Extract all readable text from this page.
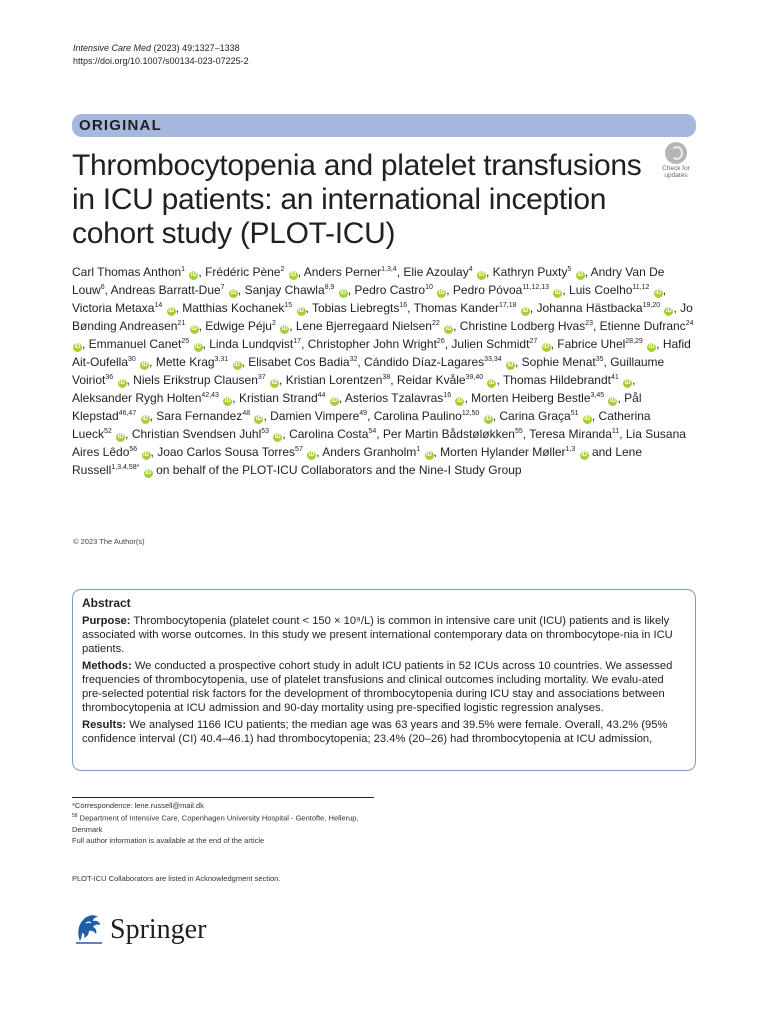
Intensive Care Med (2023) 49:1327–1338
https://doi.org/10.1007/s00134-023-07225-2
ORIGINAL
Thrombocytopenia and platelet transfusions in ICU patients: an international inception cohort study (PLOT-ICU)
Check for
updates
Carl Thomas Anthon$^1$ iD , Frédéric Pène$^2$ iD , Anders Perner$^{1,3,4}$, Elie Azoulay$^4$ iD , Kathryn Puxty$^5$ iD , Andry Van De Louw$^6$, Andreas Barratt-Due$^7$ iD , Sanjay Chawla$^{8,9}$ iD , Pedro Castro$^{10}$ iD , Pedro Póvoa$^{11,12,13}$ iD , Luis Coelho$^{11,12}$ iD , Victoria Metaxa$^{14}$ iD , Matthias Kochanek$^{15}$ iD , Tobias Liebregts$^{16}$, Thomas Kander$^{17,18}$ iD , Johanna Hästbacka$^{19,20}$ iD , Jo Bønding Andreasen$^{21}$ iD , Edwige Péju$^2$ iD , Lene Bjerregaard Nielsen$^{22}$ iD , Christine Lodberg Hvas$^{23}$, Etienne Dufranc$^{24}$ iD , Emmanuel Canet$^{25}$ iD , Linda Lundqvist$^{17}$, Christopher John Wright$^{26}$, Julien Schmidt$^{27}$ iD , Fabrice Uhel$^{28,29}$ iD , Hafid Ait-Oufella$^{30}$ iD , Mette Krag$^{3,31}$ iD , Elisabet Cos Badia$^{32}$, Cándido Díaz-Lagares$^{33,34}$ iD , Sophie Menat$^{35}$, Guillaume Voiriot$^{36}$ iD , Niels Erikstrup Clausen$^{37}$ iD , Kristian Lorentzen$^{38}$, Reidar Kvåle$^{39,40}$ iD , Thomas Hildebrandt$^{41}$ iD , Aleksander Rygh Holten$^{42,43}$ iD , Kristian Strand$^{44}$ iD , Asterios Tzalavras$^{16}$ iD , Morten Heiberg Bestle$^{3,45}$ iD , Pål Klepstad$^{46,47}$ iD , Sara Fernandez$^{48}$ iD , Damien Vimpere$^{49}$, Carolina Paulino$^{12,50}$ iD , Carina Graça$^{51}$ iD , Catherina Lueck$^{52}$ iD , Christian Svendsen Juhl$^{53}$ iD , Carolina Costa$^{54}$, Per Martin Bådstøløkken$^{55}$, Teresa Miranda$^{11}$, Lia Susana Aires Lêdo$^{56}$ iD , Joao Carlos Sousa Torres$^{57}$ iD , Anders Granholm$^1$ iD , Morten Hylander Møller$^{1,3}$ iD and Lene Russell$^{1,3,4,58*}$ iD on behalf of the PLOT-ICU Collaborators and the Nine-I Study Group
© 2023 The Author(s)
Abstract

Purpose: Thrombocytopenia (platelet count < 150 × 10⁹/L) is common in intensive care unit (ICU) patients and is likely associated with worse outcomes. In this study we present international contemporary data on thrombocytope-nia in ICU patients.

Methods: We conducted a prospective cohort study in adult ICU patients in 52 ICUs across 10 countries. We assessed frequencies of thrombocytopenia, use of platelet transfusions and clinical outcomes including mortality. We evalu-ated pre-selected potential risk factors for the development of thrombocytopenia during ICU stay and associations between thrombocytopenia at ICU admission and 90-day mortality using pre-specified logistic regression analyses.

Results: We analysed 1166 ICU patients; the median age was 63 years and 39.5% were female. Overall, 43.2% (95% confidence interval (CI) 40.4–46.1) had thrombocytopenia; 23.4% (20–26) had thrombocytopenia at ICU admission,

*Correspondence: lene.russell@mail.dk
$^{58}$ Department of Intensive Care, Copenhagen University Hospital - Gentofte, Hellerup, Denmark
Full author information is available at the end of the article
PLOT-ICU Collaborators are listed in Acknowledgment section.
Springer
